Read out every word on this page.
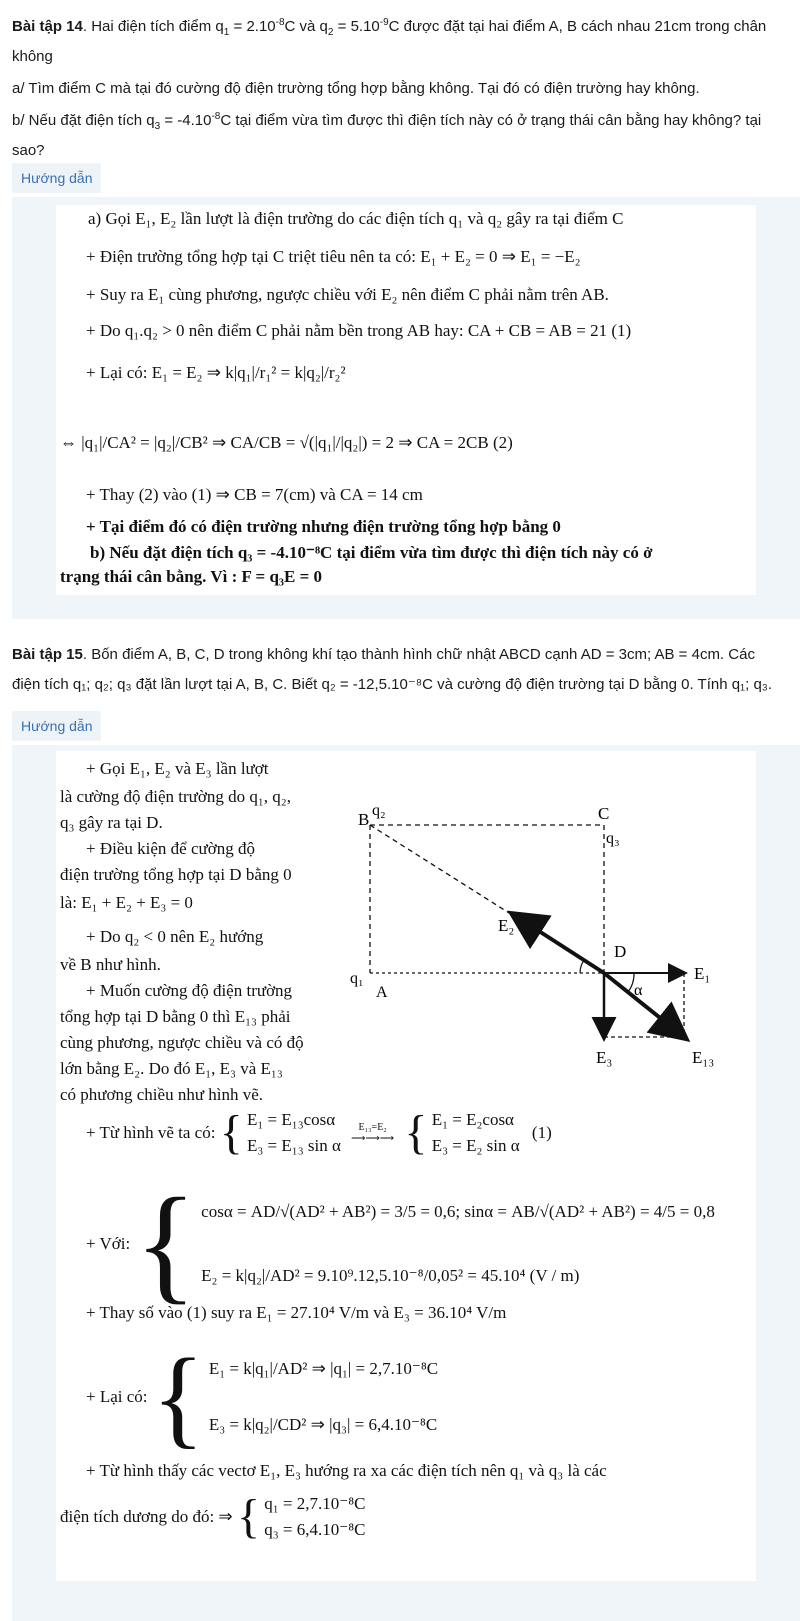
Bài tập 14. Hai điện tích điểm $q_1 = 2.10^{-8}C$ và $q_2 = 5.10^{-9}C$ được đặt tại hai điểm A, B cách nhau 21cm trong chân
không
a/ Tìm điểm C mà tại đó cường độ điện trường tổng hợp bằng không. Tại đó có điện trường hay không.
b/ Nếu đặt điện tích $q_3 = -4.10^{-8}C$ tại điểm vừa tìm được thì điện tích này có ở trạng thái cân bằng hay không? tại
sao?
Hướng dẫn
a) Gọi E₁, E₂ lần lượt là điện trường do các điện tích q₁ và q₂ gây ra tại điểm C
+ Điện trường tổng hợp tại C triệt tiêu nên ta có: E₁ + E₂ = 0 ⇒ E₁ = −E₂
+ Suy ra E₁ cùng phương, ngược chiều với E₂ nên điểm C phải nằm trên AB.
+ Do q₁.q₂ > 0 nên điểm C phải nằm bền trong AB hay: CA + CB = AB = 21 (1)
+ Lại có: E₁ = E₂ ⇒ k|q₁|/r₁² = k|q₂|/r₂²
⇔ |q₁|/CA² = |q₂|/CB² ⇒ CA/CB = √(|q₁|/|q₂|) = 2 ⇒ CA = 2CB (2)
+ Thay (2) vào (1) ⇒ CB = 7(cm) và CA = 14 cm
+ Tại điểm đó có điện trường nhưng điện trường tổng hợp bằng 0
b) Nếu đặt điện tích q₃ = -4.10⁻⁸C tại điểm vừa tìm được thì điện tích này có ở
trạng thái cân bằng. Vì : F = q₃E = 0
Bài tập 15. Bốn điểm A, B, C, D trong không khí tạo thành hình chữ nhật ABCD cạnh AD = 3cm; AB = 4cm. Các
điện tích q₁; q₂; q₃ đặt lần lượt tại A, B, C. Biết q₂ = -12,5.10⁻⁸C và cường độ điện trường tại D bằng 0. Tính q₁; q₃.
Hướng dẫn
+ Gọi E₁, E₂ và E₃ lần lượt
là cường độ điện trường do q₁, q₂,
q₃ gây ra tại D.
+ Điều kiện để cường độ
điện trường tổng hợp tại D bằng 0
là: E₁ + E₂ + E₃ = 0
+ Do q₂ < 0 nên E₂ hướng
về B như hình.
+ Muốn cường độ điện trường
tổng hợp tại D bằng 0 thì E₁₃ phải
cùng phương, ngược chiều và có độ
lớn bằng E₂. Do đó E₁, E₃ và E₁₃
có phương chiều như hình vẽ.
B q₂	C
q₃
E₂
D
E₁
q₁
A	α
E₃	E₁₃
+ Từ hình vẽ ta có: { E₁ = E₁₃cosα
E₃ = E₁₃ sin α E₁₃=E₂
⟶⟶⟶ { E₁ = E₂cosα
E₃ = E₂ sin α (1)
+ Với: { cosα = AD/√(AD² + AB²) = 3/5 = 0,6; sinα = AB/√(AD² + AB²) = 4/5 = 0,8
E₂ = k|q₂|/AD² = 9.10⁹.12,5.10⁻⁸/0,05² = 45.10⁴ (V / m)
+ Thay số vào (1) suy ra E₁ = 27.10⁴ V/m và E₃ = 36.10⁴ V/m
+ Lại có: { E₁ = k|q₁|/AD² ⇒ |q₁| = 2,7.10⁻⁸C
E₃ = k|q₂|/CD² ⇒ |q₃| = 6,4.10⁻⁸C
+ Từ hình thấy các vectơ E₁, E₃ hướng ra xa các điện tích nên q₁ và q₃ là các
điện tích dương do đó: ⇒ { q₁ = 2,7.10⁻⁸C
q₃ = 6,4.10⁻⁸C
